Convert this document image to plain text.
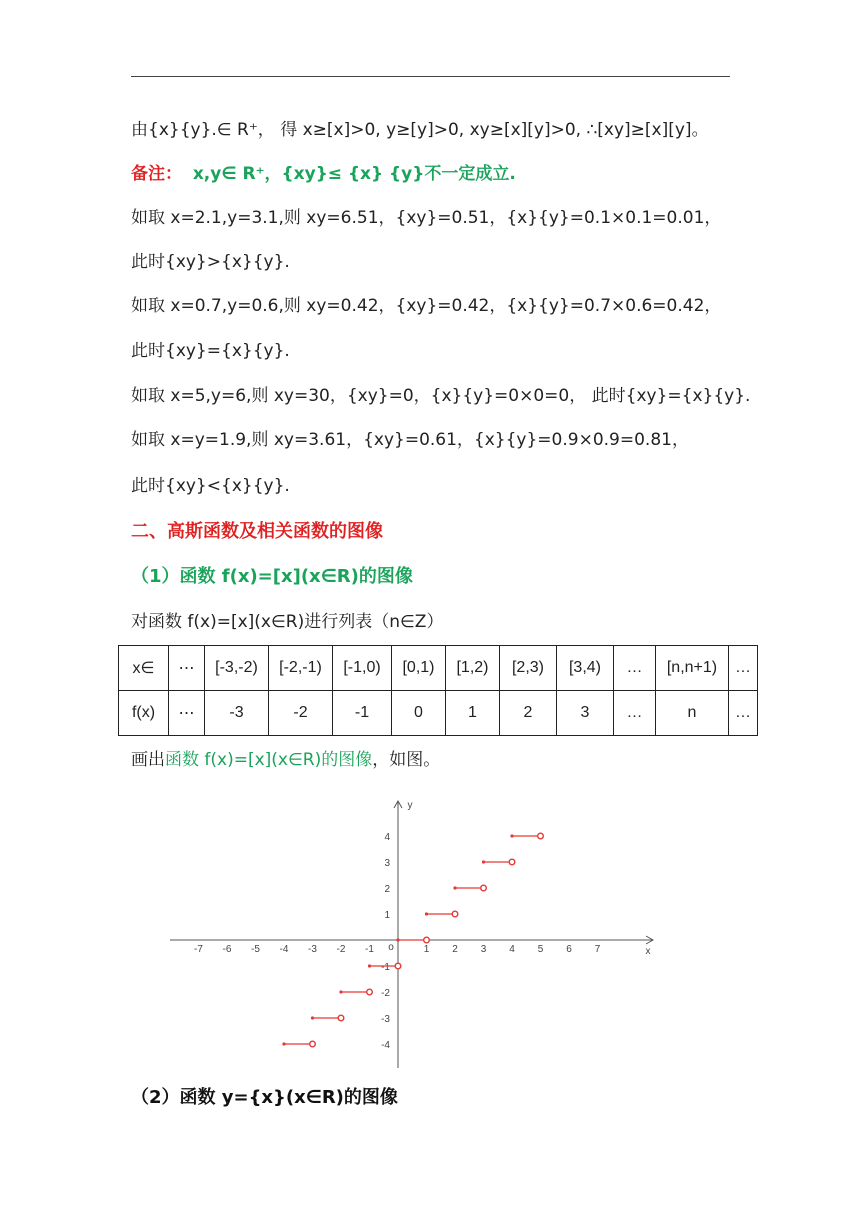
由{x}{y}.∈ R⁺， 得 x≥[x]>0, y≥[y]>0, xy≥[x][y]>0, ∴[xy]≥[x][y]。
备注： x,y∈ R⁺，{xy}≤ {x} {y}不一定成立.
如取 x=2.1,y=3.1,则 xy=6.51，{xy}=0.51，{x}{y}=0.1×0.1=0.01，
此时{xy}>{x}{y}.
如取 x=0.7,y=0.6,则 xy=0.42，{xy}=0.42，{x}{y}=0.7×0.6=0.42，
此时{xy}={x}{y}.
如取 x=5,y=6,则 xy=30，{xy}=0，{x}{y}=0×0=0， 此时{xy}={x}{y}.
如取 x=y=1.9,则 xy=3.61，{xy}=0.61，{x}{y}=0.9×0.9=0.81，
此时{xy}<{x}{y}.
二、高斯函数及相关函数的图像
（1）函数 f(x)=[x](x∈R)的图像
对函数 f(x)=[x](x∈R)进行列表（n∈Z）
x∈	⋯	[-3,-2)	[-2,-1)	[-1,0)	[0,1)	[1,2)	[2,3)	[3,4)	…	[n,n+1)	…
f(x)	⋯	-3	-2	-1	0	1	2	3	…	n	…
画出函数 f(x)=[x](x∈R)的图像，如图。
x
y
o
-7 -6 -5 -4 -3 -2 -1	1 2 3 4 5 6 7
4
3
2
1
-1
-2
-3
-4
（2）函数 y={x}(x∈R)的图像
